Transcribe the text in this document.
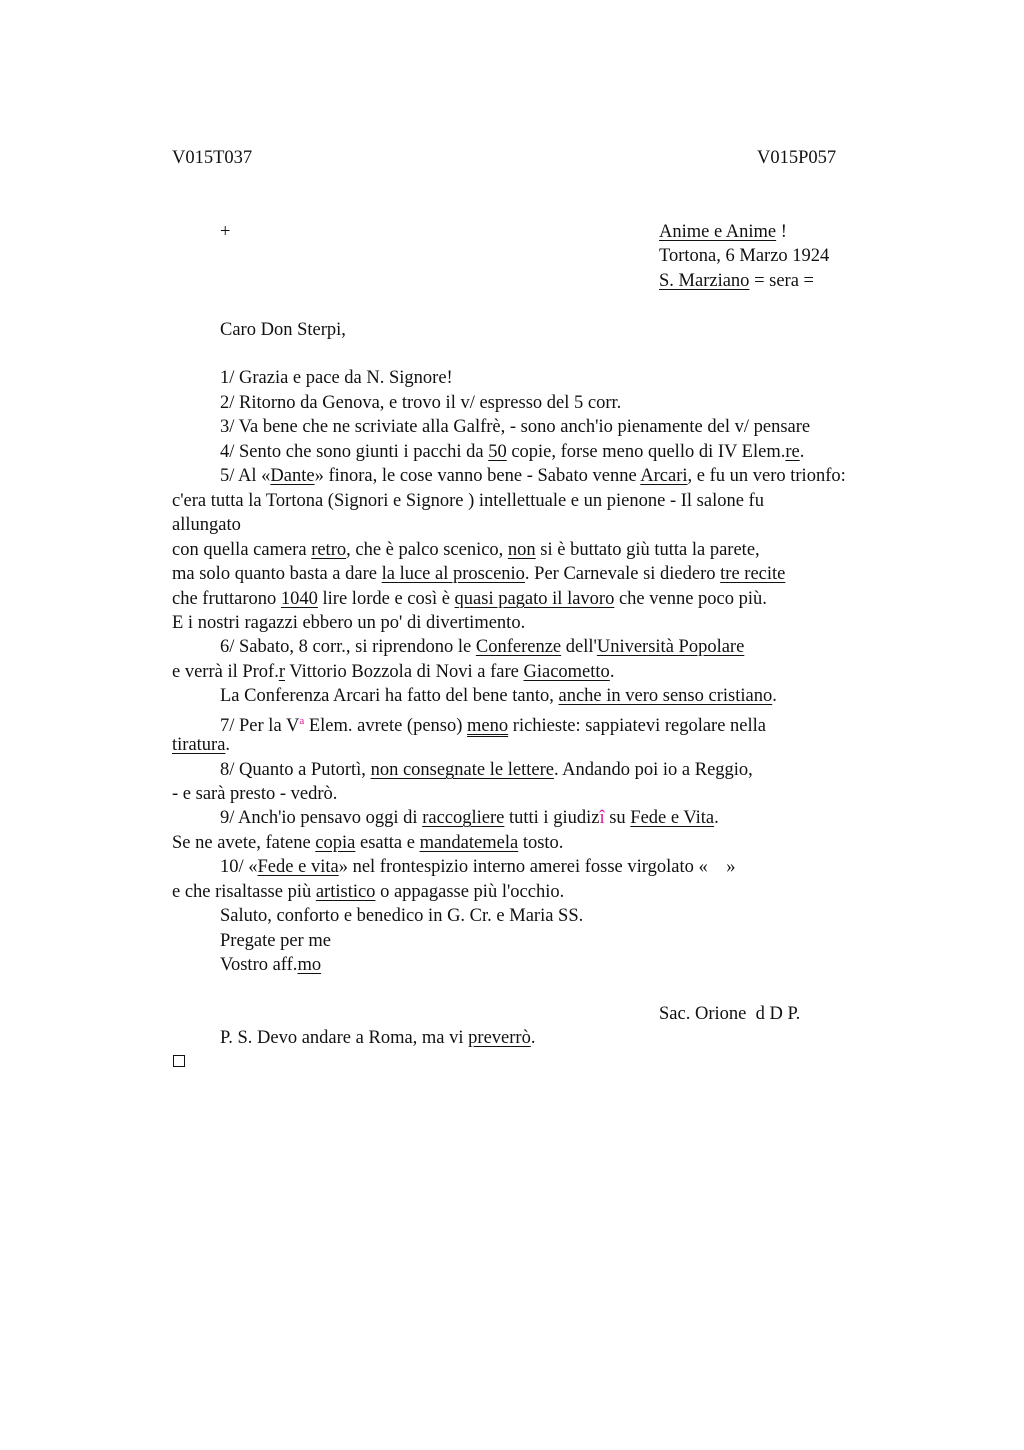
V015T037	V015P057
+	Anime e Anime !
Tortona, 6 Marzo 1924
S. Marziano = sera =
Caro Don Sterpi,
1/ Grazia e pace da N. Signore!
2/ Ritorno da Genova, e trovo il v/ espresso del 5 corr.
3/ Va bene che ne scriviate alla Galfrè, - sono anch'io pienamente del v/ pensare
4/ Sento che sono giunti i pacchi da 50 copie, forse meno quello di IV Elem.re.
5/ Al «Dante» finora, le cose vanno bene - Sabato venne Arcari, e fu un vero trionfo:
c'era tutta la Tortona (Signori e Signore ) intellettuale e un pienone - Il salone fu
allungato
con quella camera retro, che è palco scenico, non si è buttato giù tutta la parete,
ma solo quanto basta a dare la luce al proscenio. Per Carnevale si diedero tre recite
che fruttarono 1040 lire lorde e così è quasi pagato il lavoro che venne poco più.
E i nostri ragazzi ebbero un po' di divertimento.
6/ Sabato, 8 corr., si riprendono le Conferenze dell'Università Popolare
e verrà il Prof.r Vittorio Bozzola di Novi a fare Giacometto.
La Conferenza Arcari ha fatto del bene tanto, anche in vero senso cristiano.
7/ Per la $V^a$ Elem. avrete (penso) meno richieste: sappiatevi regolare nella
tiratura.
8/ Quanto a Putortì, non consegnate le lettere. Andando poi io a Reggio,
- e sarà presto - vedrò.
9/ Anch'io pensavo oggi di raccogliere tutti i giudizî su Fede e Vita.
Se ne avete, fatene copia esatta e mandatemela tosto.
10/ «Fede e vita» nel frontespizio interno amerei fosse virgolato «    »
e che risaltasse più artistico o appagasse più l'occhio.
Saluto, conforto e benedico in G. Cr. e Maria SS.
Pregate per me
Vostro aff.mo
Sac. Orione  d D P.
P. S. Devo andare a Roma, ma vi preverrò.
